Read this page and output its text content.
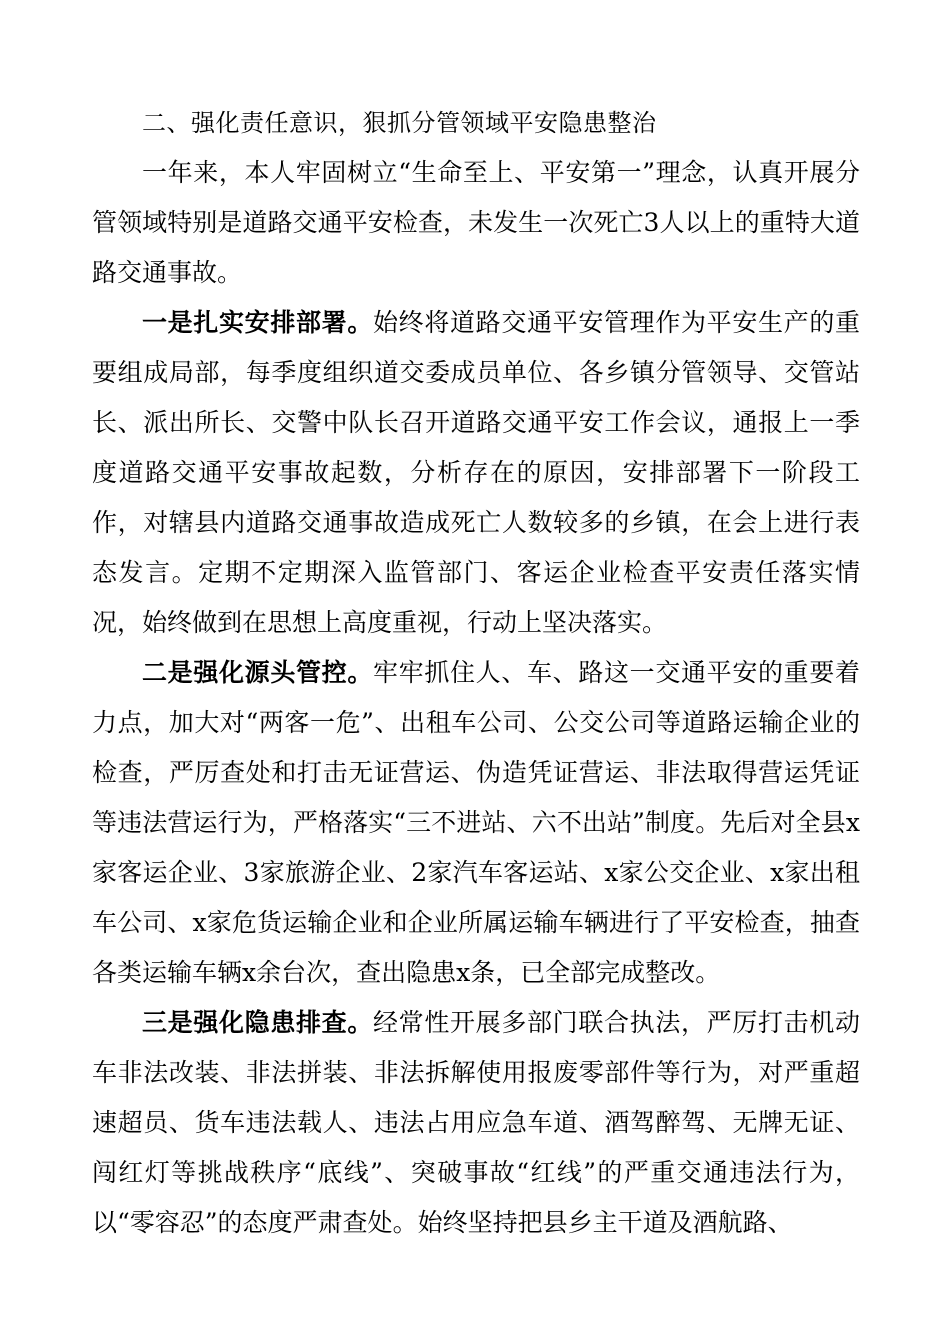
二、强化责任意识，狠抓分管领域平安隐患整治

一年来，本人牢固树立“生命至上、平安第一”理念，认真开展分管领域特别是道路交通平安检查，未发生一次死亡3人以上的重特大道路交通事故。

一是扎实安排部署。始终将道路交通平安管理作为平安生产的重要组成局部，每季度组织道交委成员单位、各乡镇分管领导、交管站长、派出所长、交警中队长召开道路交通平安工作会议，通报上一季度道路交通平安事故起数，分析存在的原因，安排部署下一阶段工作，对辖县内道路交通事故造成死亡人数较多的乡镇，在会上进行表态发言。定期不定期深入监管部门、客运企业检查平安责任落实情况，始终做到在思想上高度重视，行动上坚决落实。

二是强化源头管控。牢牢抓住人、车、路这一交通平安的重要着力点，加大对“两客一危”、出租车公司、公交公司等道路运输企业的检查，严厉查处和打击无证营运、伪造凭证营运、非法取得营运凭证等违法营运行为，严格落实“三不进站、六不出站”制度。先后对全县x家客运企业、3家旅游企业、2家汽车客运站、x家公交企业、x家出租车公司、x家危货运输企业和企业所属运输车辆进行了平安检查，抽查各类运输车辆x余台次，查出隐患x条，已全部完成整改。

三是强化隐患排查。经常性开展多部门联合执法，严厉打击机动车非法改装、非法拼装、非法拆解使用报废零部件等行为，对严重超速超员、货车违法载人、违法占用应急车道、酒驾醉驾、无牌无证、闯红灯等挑战秩序“底线”、突破事故“红线”的严重交通违法行为，以“零容忍”的态度严肃查处。始终坚持把县乡主干道及酒航路、
